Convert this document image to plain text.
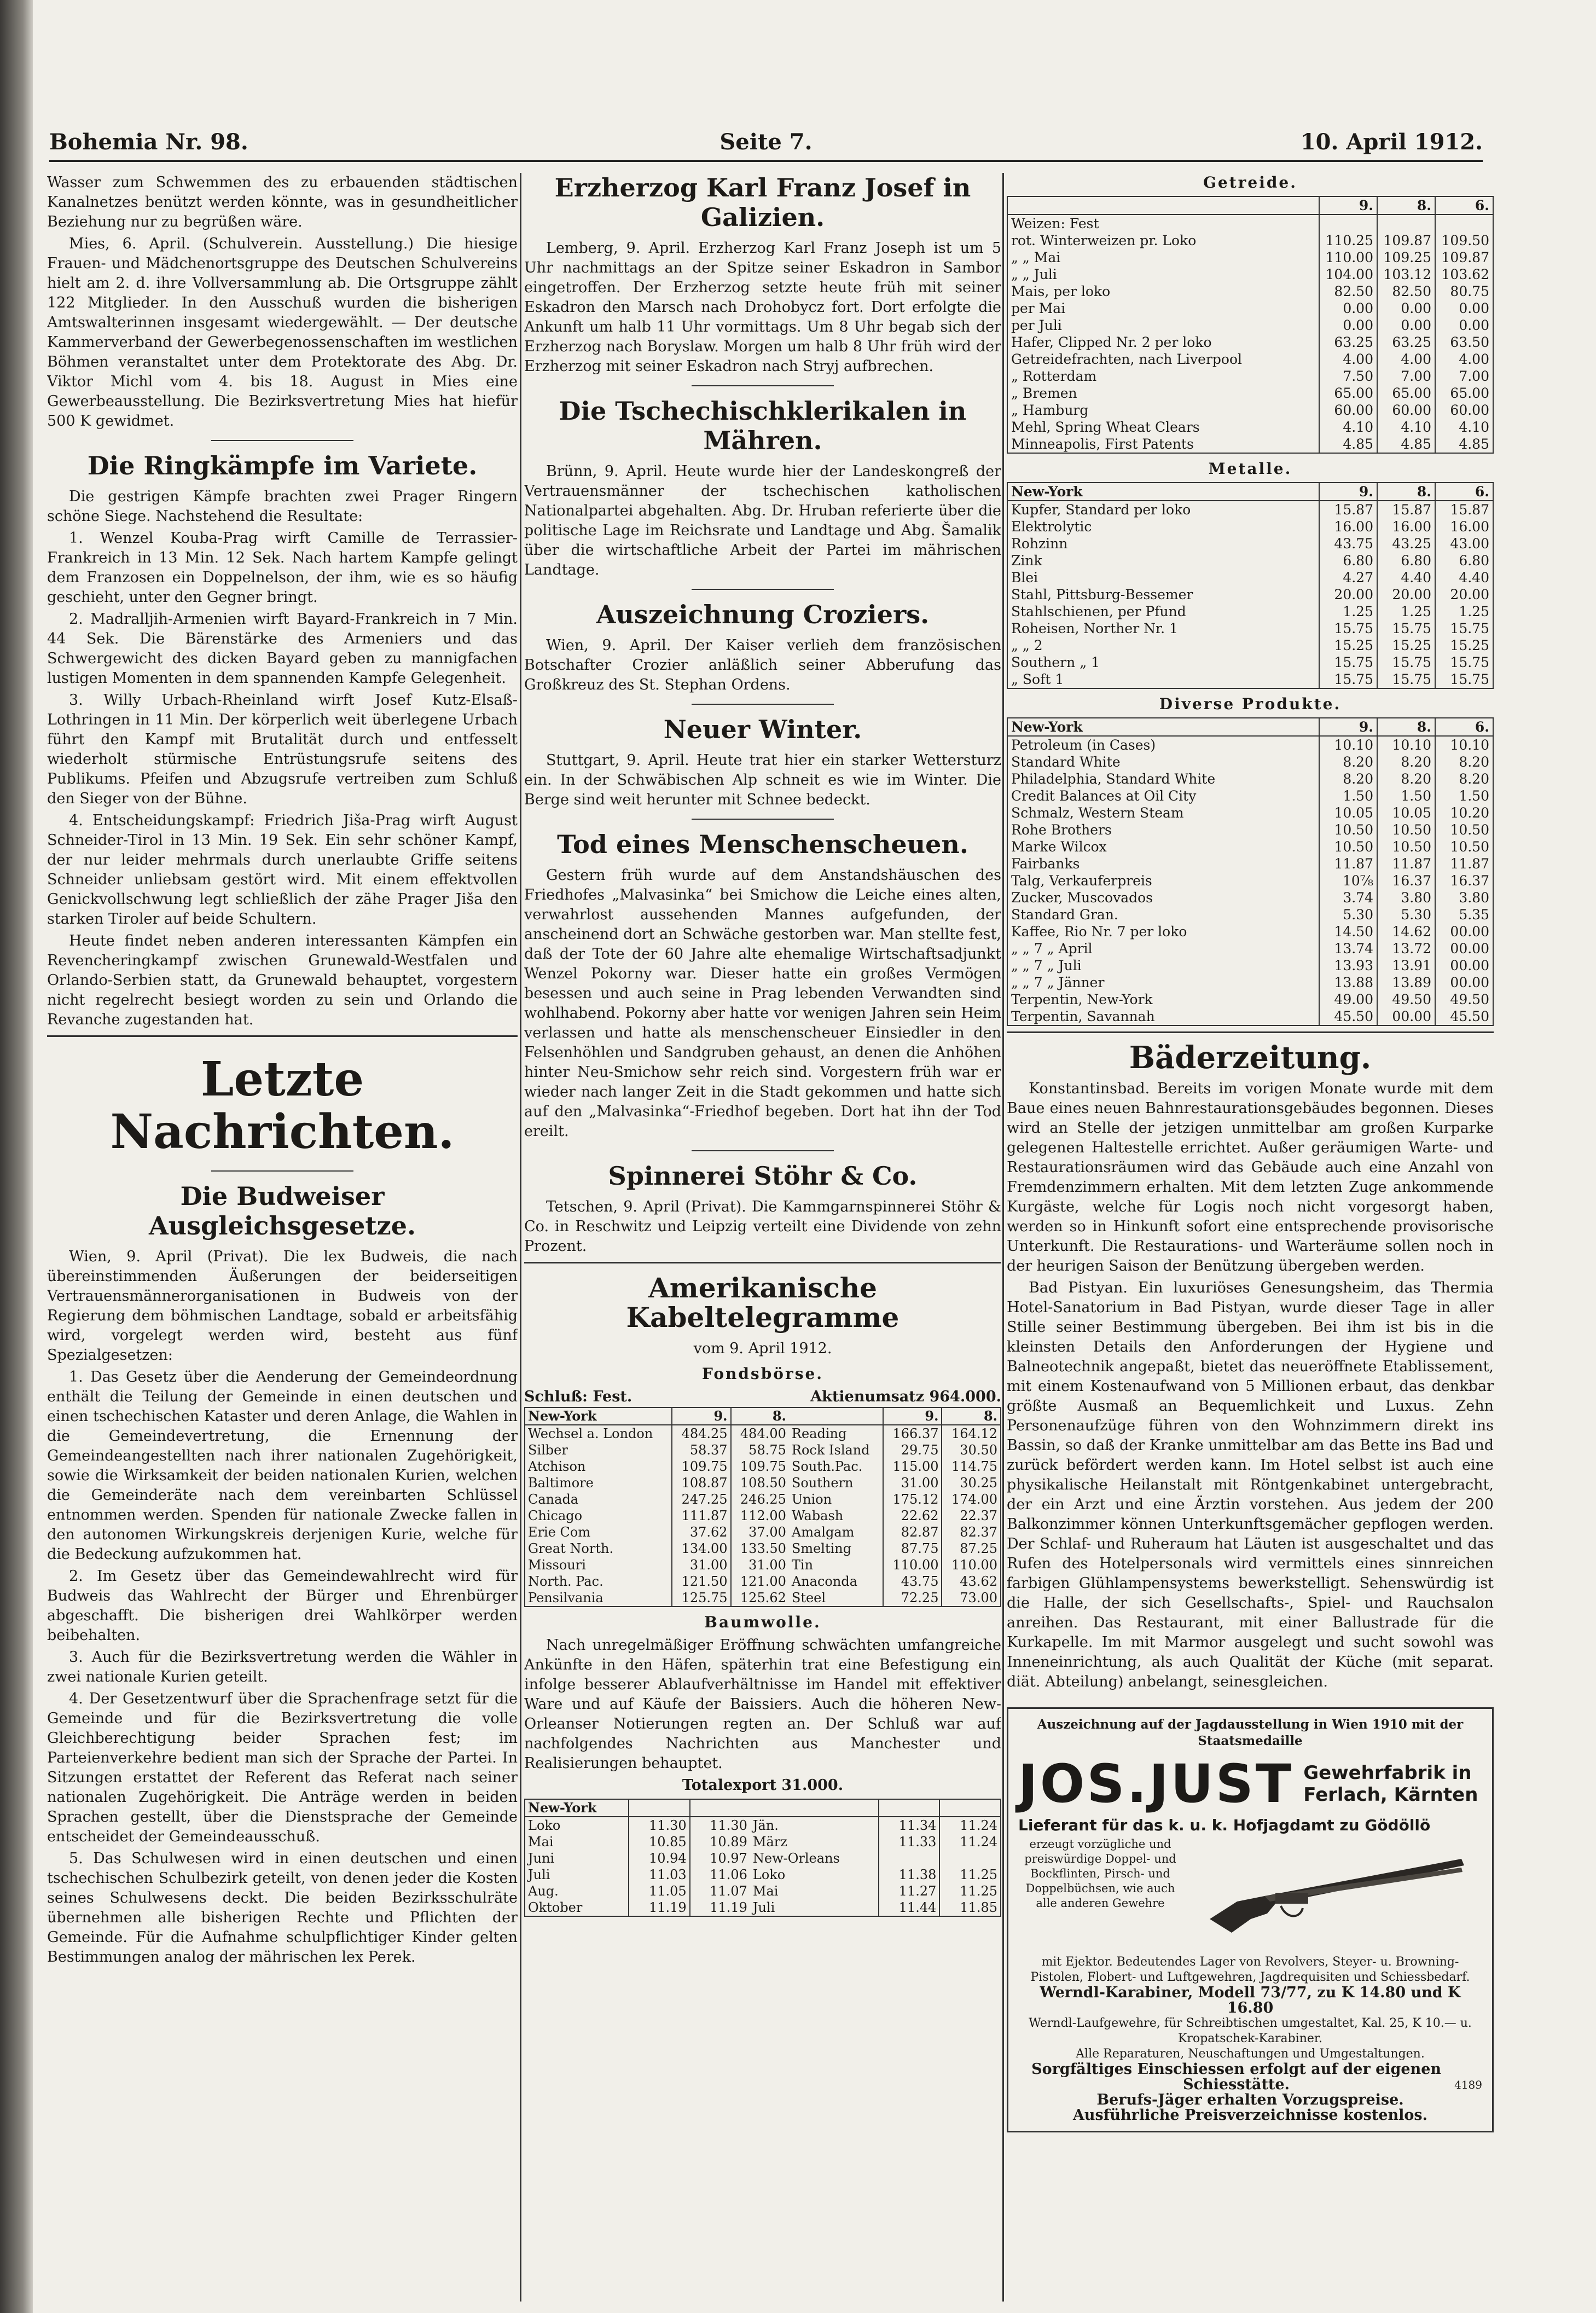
Bohemia Nr. 98.	Seite 7.	10. April 1912.

Wasser zum Schwemmen des zu erbauenden städtischen Kanalnetzes benützt werden könnte, was in gesundheitlicher Beziehung nur zu begrüßen wäre.

Mies, 6. April. (Schulverein. Ausstellung.) Die hiesige Frauen- und Mädchenortsgruppe des Deutschen Schulvereins hielt am 2. d. ihre Vollversammlung ab. Die Ortsgruppe zählt 122 Mitglieder. In den Ausschuß wurden die bisherigen Amtswalterinnen insgesamt wiedergewählt. — Der deutsche Kammerverband der Gewerbegenossenschaften im westlichen Böhmen veranstaltet unter dem Protektorate des Abg. Dr. Viktor Michl vom 4. bis 18. August in Mies eine Gewerbeausstellung. Die Bezirksvertretung Mies hat hiefür 500 K gewidmet.

Die Ringkämpfe im Variete.

Die gestrigen Kämpfe brachten zwei Prager Ringern schöne Siege. Nachstehend die Resultate:

1. Wenzel Kouba-Prag wirft Camille de Terrassier-Frankreich in 13 Min. 12 Sek. Nach hartem Kampfe gelingt dem Franzosen ein Doppelnelson, der ihm, wie es so häufig geschieht, unter den Gegner bringt.

2. Madralljih-Armenien wirft Bayard-Frankreich in 7 Min. 44 Sek. Die Bärenstärke des Armeniers und das Schwergewicht des dicken Bayard geben zu mannigfachen lustigen Momenten in dem spannenden Kampfe Gelegenheit.

3. Willy Urbach-Rheinland wirft Josef Kutz-Elsaß-Lothringen in 11 Min. Der körperlich weit überlegene Urbach führt den Kampf mit Brutalität durch und entfesselt wiederholt stürmische Entrüstungsrufe seitens des Publikums. Pfeifen und Abzugsrufe vertreiben zum Schluß den Sieger von der Bühne.

4. Entscheidungskampf: Friedrich Jiša-Prag wirft August Schneider-Tirol in 13 Min. 19 Sek. Ein sehr schöner Kampf, der nur leider mehrmals durch unerlaubte Griffe seitens Schneider unliebsam gestört wird. Mit einem effektvollen Genickvollschwung legt schließlich der zähe Prager Jiša den starken Tiroler auf beide Schultern.

Heute findet neben anderen interessanten Kämpfen ein Revencheringkampf zwischen Grunewald-Westfalen und Orlando-Serbien statt, da Grunewald behauptet, vorgestern nicht regelrecht besiegt worden zu sein und Orlando die Revanche zugestanden hat.

Letzte Nachrichten.
Die Budweiser Ausgleichsgesetze.

Wien, 9. April (Privat). Die lex Budweis, die nach übereinstimmenden Äußerungen der beiderseitigen Vertrauensmännerorganisationen in Budweis von der Regierung dem böhmischen Landtage, sobald er arbeitsfähig wird, vorgelegt werden wird, besteht aus fünf Spezialgesetzen:

1. Das Gesetz über die Aenderung der Gemeindeordnung enthält die Teilung der Gemeinde in einen deutschen und einen tschechischen Kataster und deren Anlage, die Wahlen in die Gemeindevertretung, die Ernennung der Gemeindeangestellten nach ihrer nationalen Zugehörigkeit, sowie die Wirksamkeit der beiden nationalen Kurien, welchen die Gemeinderäte nach dem vereinbarten Schlüssel entnommen werden. Spenden für nationale Zwecke fallen in den autonomen Wirkungskreis derjenigen Kurie, welche für die Bedeckung aufzukommen hat.

2. Im Gesetz über das Gemeindewahlrecht wird für Budweis das Wahlrecht der Bürger und Ehrenbürger abgeschafft. Die bisherigen drei Wahlkörper werden beibehalten.

3. Auch für die Bezirksvertretung werden die Wähler in zwei nationale Kurien geteilt.

4. Der Gesetzentwurf über die Sprachenfrage setzt für die Gemeinde und für die Bezirksvertretung die volle Gleichberechtigung beider Sprachen fest; im Parteienverkehre bedient man sich der Sprache der Partei. In Sitzungen erstattet der Referent das Referat nach seiner nationalen Zugehörigkeit. Die Anträge werden in beiden Sprachen gestellt, über die Dienstsprache der Gemeinde entscheidet der Gemeindeausschuß.

5. Das Schulwesen wird in einen deutschen und einen tschechischen Schulbezirk geteilt, von denen jeder die Kosten seines Schulwesens deckt. Die beiden Bezirksschulräte übernehmen alle bisherigen Rechte und Pflichten der Gemeinde. Für die Aufnahme schulpflichtiger Kinder gelten Bestimmungen analog der mährischen lex Perek.

Erzherzog Karl Franz Josef in Galizien.

Lemberg, 9. April. Erzherzog Karl Franz Joseph ist um 5 Uhr nachmittags an der Spitze seiner Eskadron in Sambor eingetroffen. Der Erzherzog setzte heute früh mit seiner Eskadron den Marsch nach Drohobycz fort. Dort erfolgte die Ankunft um halb 11 Uhr vormittags. Um 8 Uhr begab sich der Erzherzog nach Boryslaw. Morgen um halb 8 Uhr früh wird der Erzherzog mit seiner Eskadron nach Stryj aufbrechen.

Die Tschechischklerikalen in Mähren.

Brünn, 9. April. Heute wurde hier der Landeskongreß der Vertrauensmänner der tschechischen katholischen Nationalpartei abgehalten. Abg. Dr. Hruban referierte über die politische Lage im Reichsrate und Landtage und Abg. Šamalik über die wirtschaftliche Arbeit der Partei im mährischen Landtage.

Auszeichnung Croziers.

Wien, 9. April. Der Kaiser verlieh dem französischen Botschafter Crozier anläßlich seiner Abberufung das Großkreuz des St. Stephan Ordens.

Neuer Winter.

Stuttgart, 9. April. Heute trat hier ein starker Wettersturz ein. In der Schwäbischen Alp schneit es wie im Winter. Die Berge sind weit herunter mit Schnee bedeckt.

Tod eines Menschenscheuen.

Gestern früh wurde auf dem Anstandshäuschen des Friedhofes „Malvasinka“ bei Smichow die Leiche eines alten, verwahrlost aussehenden Mannes aufgefunden, der anscheinend dort an Schwäche gestorben war. Man stellte fest, daß der Tote der 60 Jahre alte ehemalige Wirtschaftsadjunkt Wenzel Pokorny war. Dieser hatte ein großes Vermögen besessen und auch seine in Prag lebenden Verwandten sind wohlhabend. Pokorny aber hatte vor wenigen Jahren sein Heim verlassen und hatte als menschenscheuer Einsiedler in den Felsenhöhlen und Sandgruben gehaust, an denen die Anhöhen hinter Neu-Smichow sehr reich sind. Vorgestern früh war er wieder nach langer Zeit in die Stadt gekommen und hatte sich auf den „Malvasinka“-Friedhof begeben. Dort hat ihn der Tod ereilt.

Spinnerei Stöhr & Co.

Tetschen, 9. April (Privat). Die Kammgarnspinnerei Stöhr & Co. in Reschwitz und Leipzig verteilt eine Dividende von zehn Prozent.

Amerikanische Kabeltelegramme
vom 9. April 1912.
Fondsbörse.
Schluß: Fest.	Aktienumsatz 964.000.
New-York	9.	8.		9.	8.
Wechsel a. London	484.25	484.00	Reading	166.37	164.12
Silber	58.37	58.75	Rock Island	29.75	30.50
Atchison	109.75	109.75	South.Pac.	115.00	114.75
Baltimore	108.87	108.50	Southern	31.00	30.25
Canada	247.25	246.25	Union	175.12	174.00
Chicago	111.87	112.00	Wabash	22.62	22.37
Erie Com	37.62	37.00	Amalgam	82.87	82.37
Great North.	134.00	133.50	Smelting	87.75	87.25
Missouri	31.00	31.00	Tin	110.00	110.00
North. Pac.	121.50	121.00	Anaconda	43.75	43.62
Pensilvania	125.75	125.62	Steel	72.25	73.00
Baumwolle.

Nach unregelmäßiger Eröffnung schwächten umfangreiche Ankünfte in den Häfen, späterhin trat eine Befestigung ein infolge besserer Ablaufverhältnisse im Handel mit effektiver Ware und auf Käufe der Baissiers. Auch die höheren New-Orleanser Notierungen regten an. Der Schluß war auf nachfolgendes Nachrichten aus Manchester und Realisierungen behauptet.

Totalexport 31.000.
New-York					
Loko	11.30	11.30	Jän.	11.34	11.24
Mai	10.85	10.89	März	11.33	11.24
Juni	10.94	10.97	New-Orleans		
Juli	11.03	11.06	Loko	11.38	11.25
Aug.	11.05	11.07	Mai	11.27	11.25
Oktober	11.19	11.19	Juli	11.44	11.85
Getreide.
	9.	8.	6.
Weizen: Fest			
rot. Winterweizen pr. Loko	110.25	109.87	109.50
„ „ Mai	110.00	109.25	109.87
„ „ Juli	104.00	103.12	103.62
Mais, per loko	82.50	82.50	80.75
per Mai	0.00	0.00	0.00
per Juli	0.00	0.00	0.00
Hafer, Clipped Nr. 2 per loko	63.25	63.25	63.50
Getreidefrachten, nach Liverpool	4.00	4.00	4.00
„ Rotterdam	7.50	7.00	7.00
„ Bremen	65.00	65.00	65.00
„ Hamburg	60.00	60.00	60.00
Mehl, Spring Wheat Clears	4.10	4.10	4.10
Minneapolis, First Patents	4.85	4.85	4.85
Metalle.
New-York	9.	8.	6.
Kupfer, Standard per loko	15.87	15.87	15.87
Elektrolytic	16.00	16.00	16.00
Rohzinn	43.75	43.25	43.00
Zink	6.80	6.80	6.80
Blei	4.27	4.40	4.40
Stahl, Pittsburg-Bessemer	20.00	20.00	20.00
Stahlschienen, per Pfund	1.25	1.25	1.25
Roheisen, Norther Nr. 1	15.75	15.75	15.75
„ „ 2	15.25	15.25	15.25
Southern „ 1	15.75	15.75	15.75
„ Soft 1	15.75	15.75	15.75
Diverse Produkte.
New-York	9.	8.	6.
Petroleum (in Cases)	10.10	10.10	10.10
Standard White	8.20	8.20	8.20
Philadelphia, Standard White	8.20	8.20	8.20
Credit Balances at Oil City	1.50	1.50	1.50
Schmalz, Western Steam	10.05	10.05	10.20
Rohe Brothers	10.50	10.50	10.50
Marke Wilcox	10.50	10.50	10.50
Fairbanks	11.87	11.87	11.87
Talg, Verkauferpreis	10⅞	16.37	16.37
Zucker, Muscovados	3.74	3.80	3.80
Standard Gran.	5.30	5.30	5.35
Kaffee, Rio Nr. 7 per loko	14.50	14.62	00.00
„ „ 7 „ April	13.74	13.72	00.00
„ „ 7 „ Juli	13.93	13.91	00.00
„ „ 7 „ Jänner	13.88	13.89	00.00
Terpentin, New-York	49.00	49.50	49.50
Terpentin, Savannah	45.50	00.00	45.50
Bäderzeitung.

Konstantinsbad. Bereits im vorigen Monate wurde mit dem Baue eines neuen Bahnrestaurationsgebäudes begonnen. Dieses wird an Stelle der jetzigen unmittelbar am großen Kurparke gelegenen Haltestelle errichtet. Außer geräumigen Warte- und Restaurationsräumen wird das Gebäude auch eine Anzahl von Fremdenzimmern erhalten. Mit dem letzten Zuge ankommende Kurgäste, welche für Logis noch nicht vorgesorgt haben, werden so in Hinkunft sofort eine entsprechende provisorische Unterkunft. Die Restaurations- und Warteräume sollen noch in der heurigen Saison der Benützung übergeben werden.

Bad Pistyan. Ein luxuriöses Genesungsheim, das Thermia Hotel-Sanatorium in Bad Pistyan, wurde dieser Tage in aller Stille seiner Bestimmung übergeben. Bei ihm ist bis in die kleinsten Details den Anforderungen der Hygiene und Balneotechnik angepaßt, bietet das neueröffnete Etablissement, mit einem Kostenaufwand von 5 Millionen erbaut, das denkbar größte Ausmaß an Bequemlichkeit und Luxus. Zehn Personenaufzüge führen von den Wohnzimmern direkt ins Bassin, so daß der Kranke unmittelbar am das Bette ins Bad und zurück befördert werden kann. Im Hotel selbst ist auch eine physikalische Heilanstalt mit Röntgenkabinet untergebracht, der ein Arzt und eine Ärztin vorstehen. Aus jedem der 200 Balkonzimmer können Unterkunftsgemächer gepflogen werden. Der Schlaf- und Ruheraum hat Läuten ist ausgeschaltet und das Rufen des Hotelpersonals wird vermittels eines sinnreichen farbigen Glühlampensystems bewerkstelligt. Sehenswürdig ist die Halle, der sich Gesellschafts-, Spiel- und Rauchsalon anreihen. Das Restaurant, mit einer Ballustrade für die Kurkapelle. Im mit Marmor ausgelegt und sucht sowohl was Inneneinrichtung, als auch Qualität der Küche (mit separat. diät. Abteilung) anbelangt, seinesgleichen.

Auszeichnung auf der Jagdausstellung in Wien 1910 mit der Staatsmedaille
JOS.JUST Gewehrfabrik in
Ferlach, Kärnten
Lieferant für das k. u. k. Hofjagdamt zu Gödöllö
erzeugt vorzügliche und preiswürdige Doppel- und Bockflinten, Pirsch- und Doppelbüchsen, wie auch alle anderen Gewehre
mit Ejektor. Bedeutendes Lager von Revolvers, Steyer- u. Browning-Pistolen, Flobert- und Luftgewehren, Jagdrequisiten und Schiessbedarf.
Werndl-Karabiner, Modell 73/77, zu K 14.80 und K 16.80
Werndl-Laufgewehre, für Schreibtischen umgestaltet, Kal. 25, K 10.— u. Kropatschek-Karabiner.
Alle Reparaturen, Neuschaftungen und Umgestaltungen.
Sorgfältiges Einschiessen erfolgt auf der eigenen Schiesstätte.	4189
Berufs-Jäger erhalten Vorzugspreise.
Ausführliche Preisverzeichnisse kostenlos.
